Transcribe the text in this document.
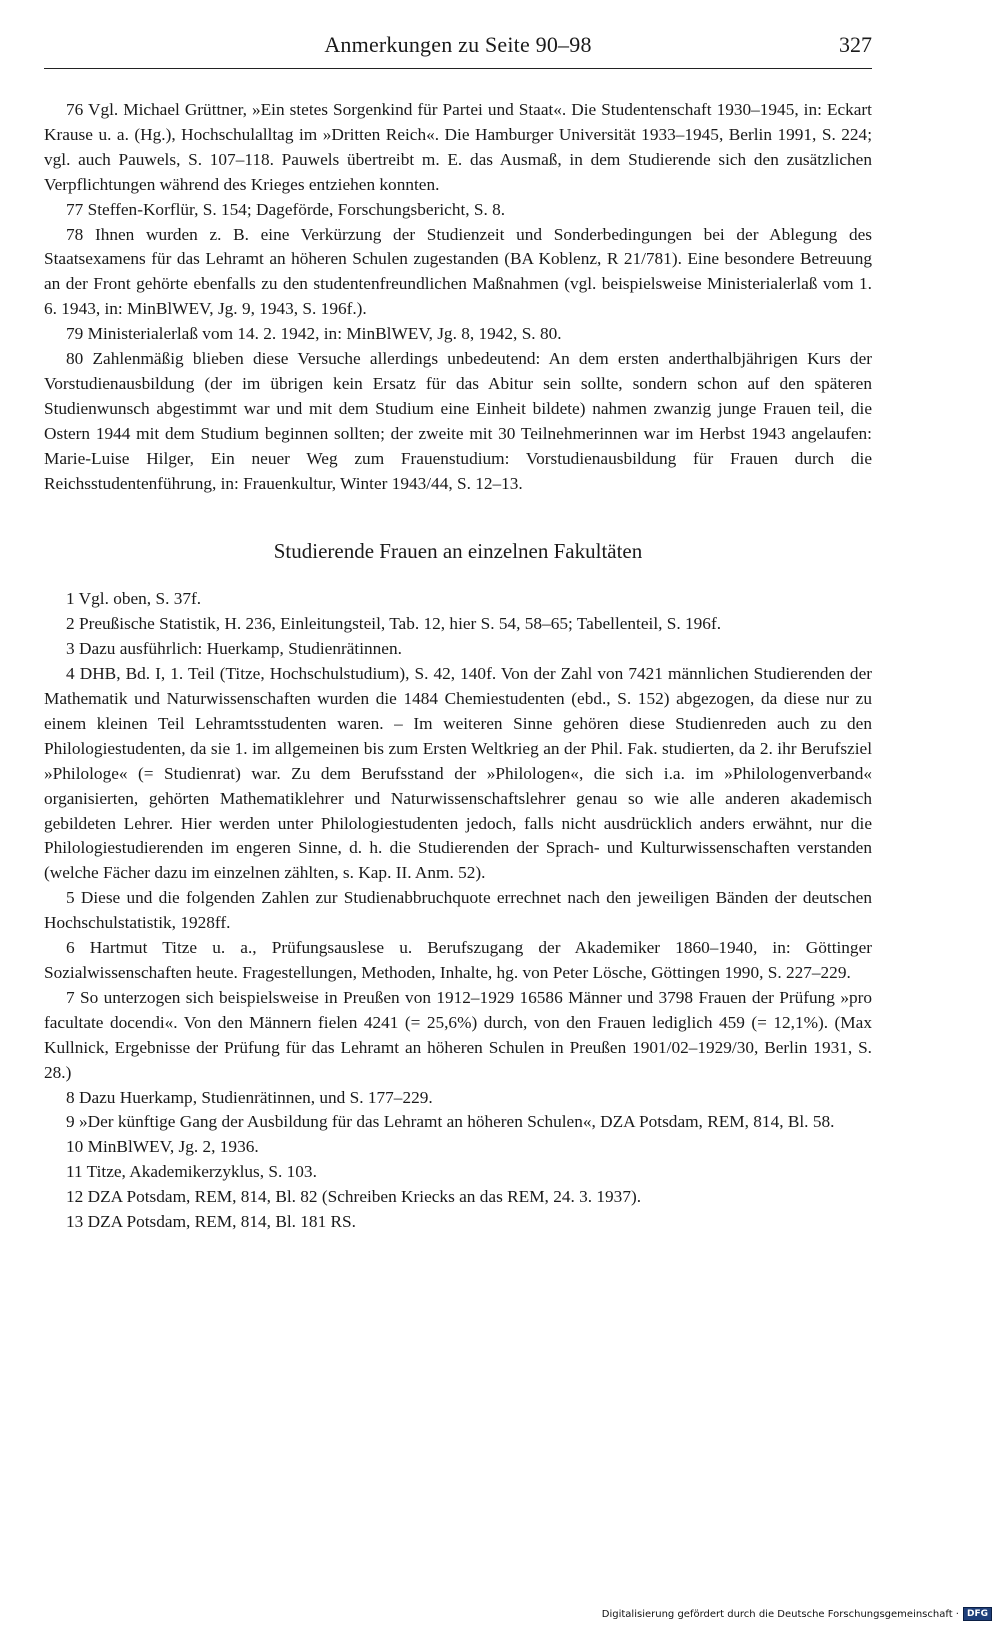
Anmerkungen zu Seite 90–98	327

76 Vgl. Michael Grüttner, »Ein stetes Sorgenkind für Partei und Staat«. Die Studentenschaft 1930–1945, in: Eckart Krause u. a. (Hg.), Hochschulalltag im »Dritten Reich«. Die Hamburger Universität 1933–1945, Berlin 1991, S. 224; vgl. auch Pauwels, S. 107–118. Pauwels übertreibt m. E. das Ausmaß, in dem Studierende sich den zusätzlichen Verpflichtungen während des Krieges entziehen konnten.

77 Steffen-Korflür, S. 154; Dageförde, Forschungsbericht, S. 8.

78 Ihnen wurden z. B. eine Verkürzung der Studienzeit und Sonderbedingungen bei der Ablegung des Staatsexamens für das Lehramt an höheren Schulen zugestanden (BA Koblenz, R 21/781). Eine besondere Betreuung an der Front gehörte ebenfalls zu den studentenfreundlichen Maßnahmen (vgl. beispielsweise Ministerialerlaß vom 1. 6. 1943, in: MinBlWEV, Jg. 9, 1943, S. 196f.).

79 Ministerialerlaß vom 14. 2. 1942, in: MinBlWEV, Jg. 8, 1942, S. 80.

80 Zahlenmäßig blieben diese Versuche allerdings unbedeutend: An dem ersten anderthalbjährigen Kurs der Vorstudienausbildung (der im übrigen kein Ersatz für das Abitur sein sollte, sondern schon auf den späteren Studienwunsch abgestimmt war und mit dem Studium eine Einheit bildete) nahmen zwanzig junge Frauen teil, die Ostern 1944 mit dem Studium beginnen sollten; der zweite mit 30 Teilnehmerinnen war im Herbst 1943 angelaufen: Marie-Luise Hilger, Ein neuer Weg zum Frauenstudium: Vorstudienausbildung für Frauen durch die Reichsstudentenführung, in: Frauenkultur, Winter 1943/44, S. 12–13.

Studierende Frauen an einzelnen Fakultäten

1 Vgl. oben, S. 37f.

2 Preußische Statistik, H. 236, Einleitungsteil, Tab. 12, hier S. 54, 58–65; Tabellenteil, S. 196f.

3 Dazu ausführlich: Huerkamp, Studienrätinnen.

4 DHB, Bd. I, 1. Teil (Titze, Hochschulstudium), S. 42, 140f. Von der Zahl von 7421 männlichen Studierenden der Mathematik und Naturwissenschaften wurden die 1484 Chemiestudenten (ebd., S. 152) abgezogen, da diese nur zu einem kleinen Teil Lehramtsstudenten waren. – Im weiteren Sinne gehören diese Studienreden auch zu den Philologiestudenten, da sie 1. im allgemeinen bis zum Ersten Weltkrieg an der Phil. Fak. studierten, da 2. ihr Berufsziel »Philologe« (= Studienrat) war. Zu dem Berufsstand der »Philologen«, die sich i.a. im »Philologenverband« organisierten, gehörten Mathematiklehrer und Naturwissenschaftslehrer genau so wie alle anderen akademisch gebildeten Lehrer. Hier werden unter Philologiestudenten jedoch, falls nicht ausdrücklich anders erwähnt, nur die Philologiestudierenden im engeren Sinne, d. h. die Studierenden der Sprach- und Kulturwissenschaften verstanden (welche Fächer dazu im einzelnen zählten, s. Kap. II. Anm. 52).

5 Diese und die folgenden Zahlen zur Studienabbruchquote errechnet nach den jeweiligen Bänden der deutschen Hochschulstatistik, 1928ff.

6 Hartmut Titze u. a., Prüfungsauslese u. Berufszugang der Akademiker 1860–1940, in: Göttinger Sozialwissenschaften heute. Fragestellungen, Methoden, Inhalte, hg. von Peter Lösche, Göttingen 1990, S. 227–229.

7 So unterzogen sich beispielsweise in Preußen von 1912–1929 16586 Männer und 3798 Frauen der Prüfung »pro facultate docendi«. Von den Männern fielen 4241 (= 25,6%) durch, von den Frauen lediglich 459 (= 12,1%). (Max Kullnick, Ergebnisse der Prüfung für das Lehramt an höheren Schulen in Preußen 1901/02–1929/30, Berlin 1931, S. 28.)

8 Dazu Huerkamp, Studienrätinnen, und S. 177–229.

9 »Der künftige Gang der Ausbildung für das Lehramt an höheren Schulen«, DZA Potsdam, REM, 814, Bl. 58.

10 MinBlWEV, Jg. 2, 1936.

11 Titze, Akademikerzyklus, S. 103.

12 DZA Potsdam, REM, 814, Bl. 82 (Schreiben Kriecks an das REM, 24. 3. 1937).

13 DZA Potsdam, REM, 814, Bl. 181 RS.

Digitalisierung gefördert durch die Deutsche Forschungsgemeinschaft · DFG
